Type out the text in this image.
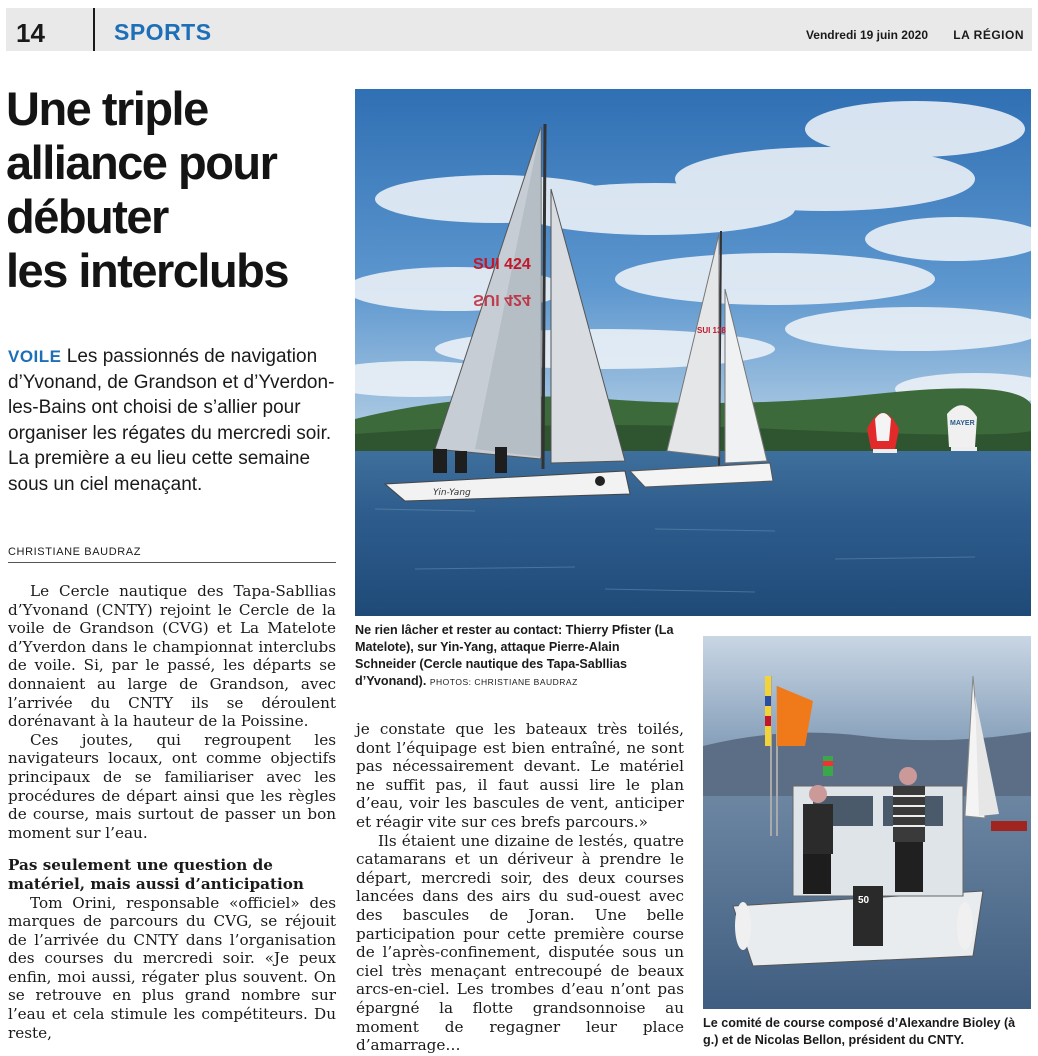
14	SPORTS	Vendredi 19 juin 2020 LA RÉGION
Une triple
alliance pour
débuter
les interclubs

VOILE Les passionnés de navigation d’Yvonand, de Grandson et d’Yverdon-les-Bains ont choisi de s’allier pour organiser les régates du mercredi soir. La première a eu lieu cette semaine sous un ciel menaçant.

CHRISTIANE BAUDRAZ

Le Cercle nautique des Tapa-Sabllias d’Yvonand (CNTY) rejoint le Cercle de la voile de Grandson (CVG) et La Matelote d’Yverdon dans le championnat interclubs de voile. Si, par le passé, les départs se donnaient au large de Grandson, avec l’arrivée du CNTY ils se déroulent dorénavant à la hauteur de la Poissine.

Ces joutes, qui regroupent les navigateurs locaux, ont comme objectifs principaux de se familiariser avec les procédures de départ ainsi que les règles de course, mais surtout de passer un bon moment sur l’eau.

Pas seulement une question de matériel, mais aussi d’anticipation

Tom Orini, responsable «officiel» des marques de parcours du CVG, se réjouit de l’arrivée du CNTY dans l’organisation des courses du mercredi soir. «Je peux enfin, moi aussi, régater plus souvent. On se retrouve en plus grand nombre sur l’eau et cela stimule les compétiteurs. Du reste,

je constate que les bateaux très toilés, dont l’équipage est bien entraîné, ne sont pas nécessairement devant. Le matériel ne suffit pas, il faut aussi lire le plan d’eau, voir les bascules de vent, anticiper et réagir vite sur ces brefs parcours.»

Ils étaient une dizaine de lestés, quatre catamarans et un dériveur à prendre le départ, mercredi soir, des deux courses lancées dans des airs du sud-ouest avec des bascules de Joran. Une belle participation pour cette première course de l’après-confinement, disputée sous un ciel très menaçant entrecoupé de beaux arcs-en-ciel. Les trombes d’eau n’ont pas épargné la flotte grandsonnoise au moment de regagner leur place d’amarrage…

SUI 424
SUI 424
Yin-Yang
SUI 138
MAYER

Ne rien lâcher et rester au contact: Thierry Pfister (La Matelote), sur Yin-Yang, attaque Pierre-Alain Schneider (Cercle nautique des Tapa-Sabllias d’Yvonand). PHOTOS: CHRISTIANE BAUDRAZ

50

Le comité de course composé d’Alexandre Bioley (à g.) et de Nicolas Bellon, président du CNTY.
